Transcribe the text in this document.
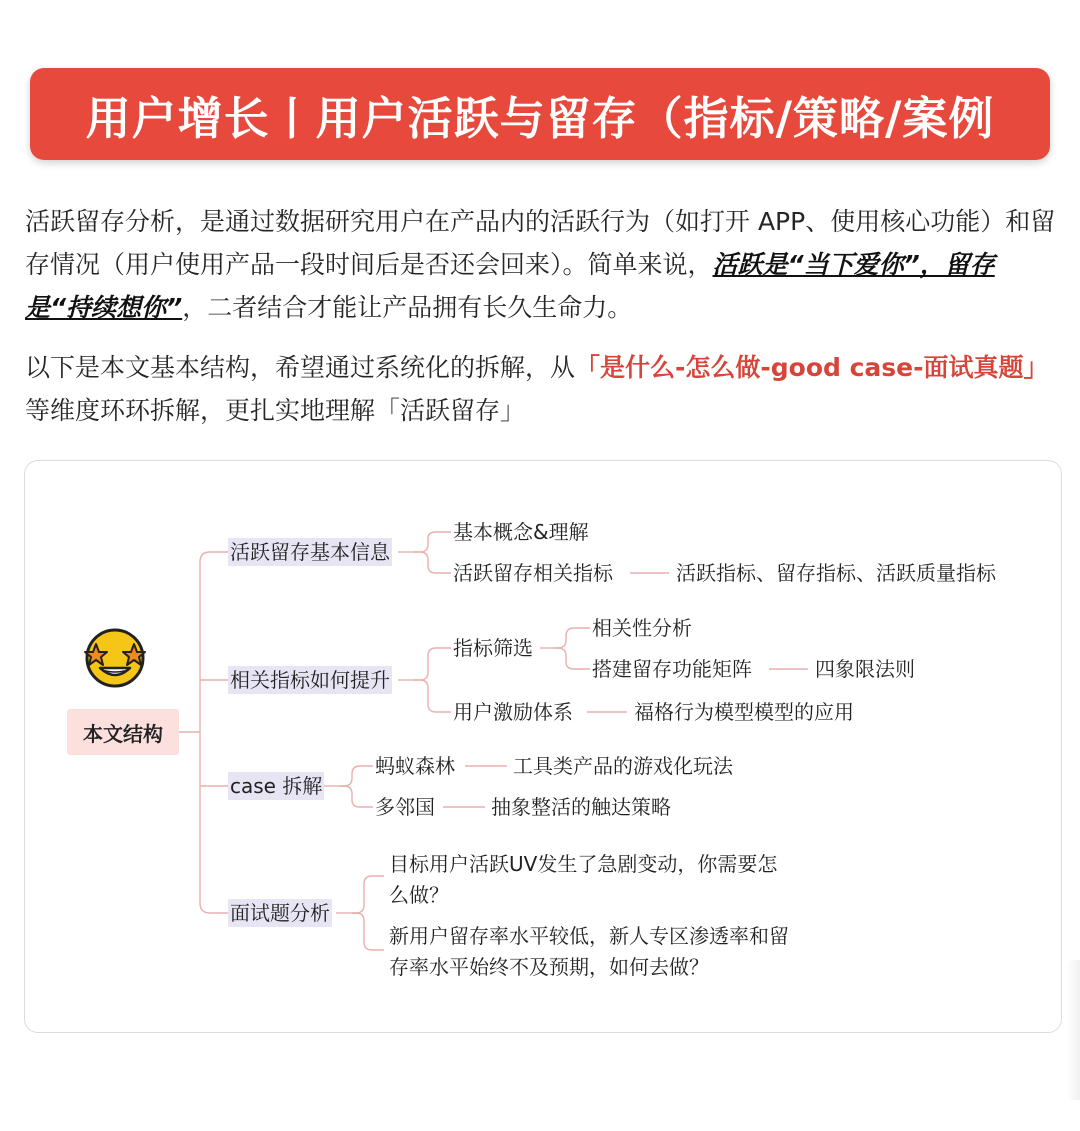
用户增长丨用户活跃与留存（指标/策略/案例
活跃留存分析，是通过数据研究用户在产品内的活跃行为（如打开 APP、使用核心功能）和留存情况（用户使用产品一段时间后是否还会回来）。简单来说，活跃是“当下爱你”，留存是“持续想你”，二者结合才能让产品拥有长久生命力。
以下是本文基本结构，希望通过系统化的拆解，从「是什么-怎么做-good case-面试真题」等维度环环拆解，更扎实地理解「活跃留存」
本文结构
活跃留存基本信息
基本概念&理解
活跃留存相关指标	活跃指标、留存指标、活跃质量指标
相关指标如何提升
指标筛选
相关性分析
搭建留存功能矩阵	四象限法则
用户激励体系	福格行为模型模型的应用
case 拆解
蚂蚁森林	工具类产品的游戏化玩法
多邻国	抽象整活的触达策略
面试题分析
目标用户活跃UV发生了急剧变动，你需要怎
么做？
新用户留存率水平较低，新人专区渗透率和留
存率水平始终不及预期，如何去做？
